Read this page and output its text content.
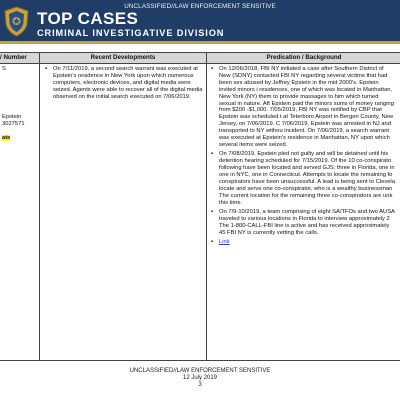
UNCLASSIFIED//LAW ENFORCEMENT SENSITIVE
TOP CASES
CRIMINAL INVESTIGATIVE DIVISION
/ Number	Recent Developments	Predication / Background

S

Epstein

3027571

ate

▪ On 7/11/2019, a second search warrant was executed at Epstein's residence in New York upon which numerous computers, electronic devices, and digital media were seized. Agents were able to recover all of the digital media observed on the initial search executed on 7/06/2019.
▪ On 12/06/2018, FBI NY initiated a case after Southern District of New (SDNY) contacted FBI NY regarding several victims that had been sex abused by Jeffrey Epstein in the mid 2000's. Epstein invited minors i residences, one of which was located in Manhattan, New York (NY) them to provide massages to him which turned sexual in nature. Aft Epstein paid the minors sums of money ranging from $200 -$1,000. 7/05/2019, FBI NY was notified by CBP that Epstein was scheduled t at Teterboro Airport in Bergen County, New Jersey, on 7/06/2019. C 7/06/2019, Epstein was arrested in NJ and transported to NY withou incident. On 7/06/2019, a search warrant was executed at Epstein's residence in Manhattan, NY upon which several items were seized.
▪ On 7/08/2019, Epstein pled not guilty and will be detained until his detention hearing scheduled for 7/15/2019. Of the 10 co-conspirato following have been located and served GJS; three in Florida, one in one in NYC, one in Connecticut. Attempts to locate the remaining fo conspirators have been unsuccessful. A lead is being sent to Clevela locate and serve one co-conspirator, who is a wealthy businessman The current location for the remaining three co-conspirators are unk this time.
▪ On 7/9-10/2019, a team comprising of eight SA/TFOs and two AUSA traveled to various locations in Florida to interview approximately 2 The 1-800-CALL-FBI line is active and has received approximately 45 FBI NY is currently vetting the calls.
▪ Link
UNCLASSIFIED//LAW ENFORCEMENT SENSITIVE
12 July 2019
3
